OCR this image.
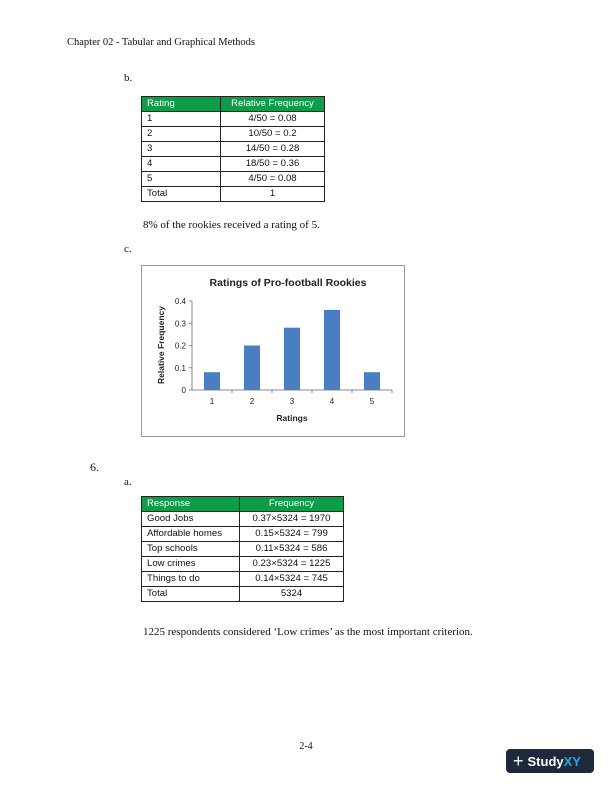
Chapter 02 - Tabular and Graphical Methods
b.
Rating	Relative Frequency
1	4/50 = 0.08
2	10/50 = 0.2
3	14/50 = 0.28
4	18/50 = 0.36
5	4/50 = 0.08
Total	1
8% of the rookies received a rating of 5.
c.
Ratings of Pro-football Rookies
Relative Frequency
Ratings
0
0.1
0.2
0.3
0.4
1	2	3	4	5
6.
a.
Response	Frequency
Good Jobs	0.37×5324 = 1970
Affordable homes	0.15×5324 = 799
Top schools	0.11×5324 = 586
Low crimes	0.23×5324 = 1225
Things to do	0.14×5324 = 745
Total	5324
1225 respondents considered ‘Low crimes’ as the most important criterion.
2-4
+ StudyXY
